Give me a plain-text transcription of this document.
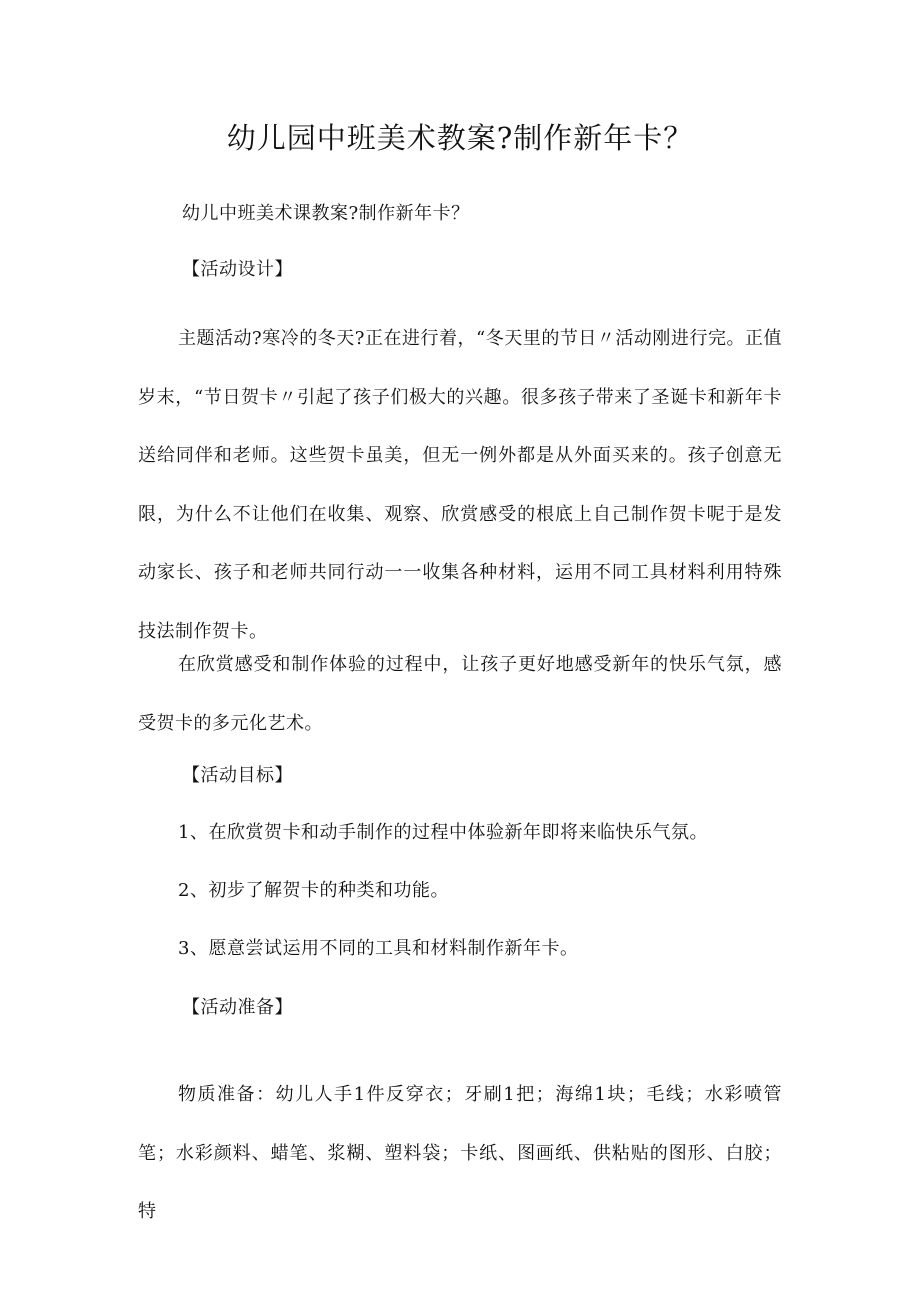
幼儿园中班美术教案?制作新年卡？

幼儿中班美术课教案?制作新年卡？

【活动设计】

主题活动?寒冷的冬天?正在进行着，“冬天里的节日〃活动刚进行完。正值岁末，“节日贺卡〃引起了孩子们极大的兴趣。很多孩子带来了圣诞卡和新年卡送给同伴和老师。这些贺卡虽美，但无一例外都是从外面买来的。孩子创意无限，为什么不让他们在收集、观察、欣赏感受的根底上自己制作贺卡呢于是发动家长、孩子和老师共同行动一一收集各种材料，运用不同工具材料利用特殊技法制作贺卡。

在欣赏感受和制作体验的过程中，让孩子更好地感受新年的快乐气氛，感受贺卡的多元化艺术。

【活动目标】

1、在欣赏贺卡和动手制作的过程中体验新年即将来临快乐气氛。

2、初步了解贺卡的种类和功能。

3、愿意尝试运用不同的工具和材料制作新年卡。

【活动准备】

物质准备：幼儿人手1件反穿衣；牙刷1把；海绵1块；毛线；水彩喷管笔；水彩颜料、蜡笔、浆糊、塑料袋；卡纸、图画纸、供粘贴的图形、白胶；特
